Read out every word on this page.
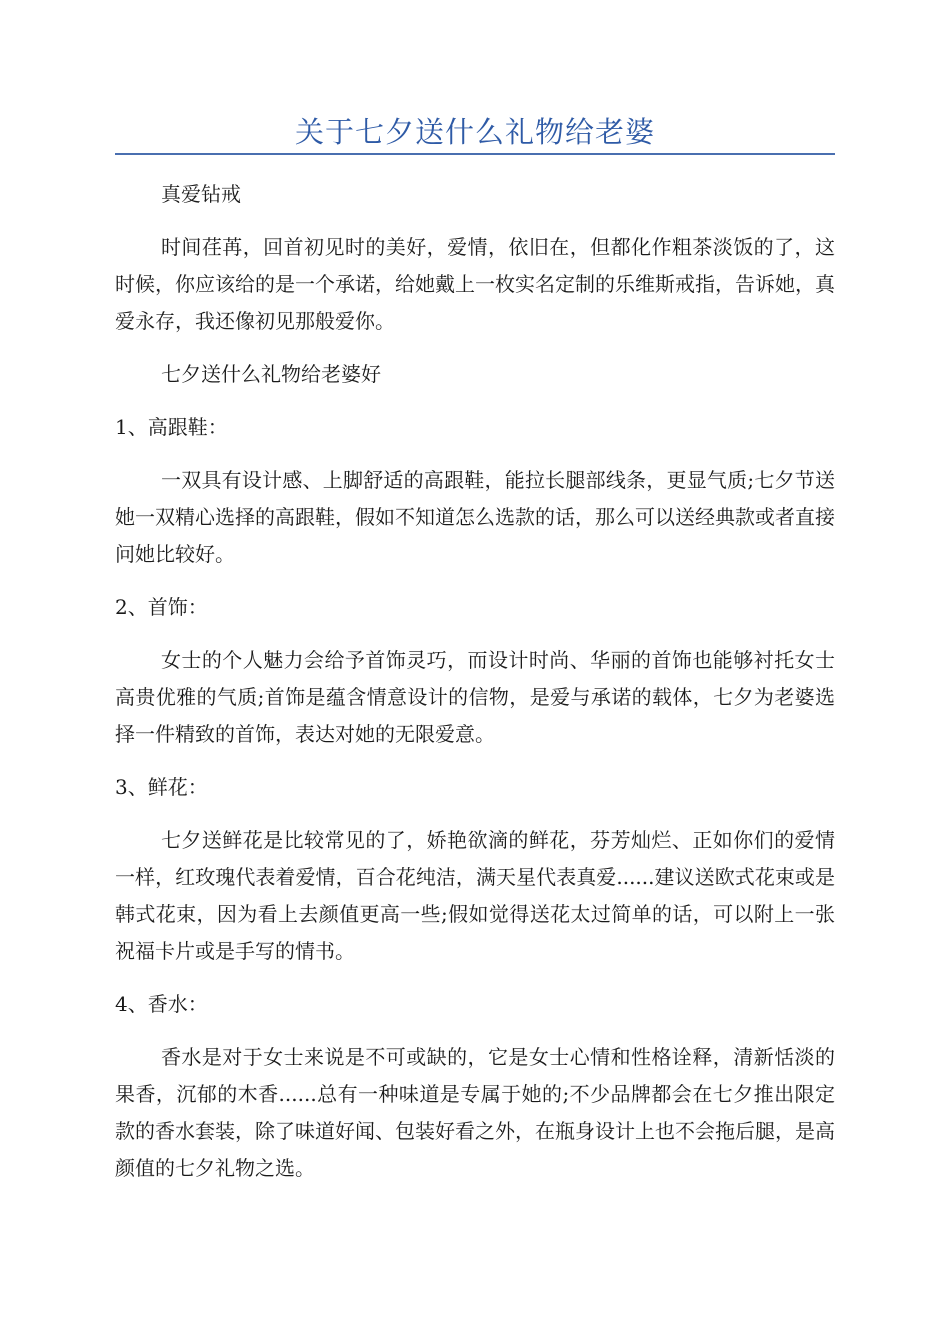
关于七夕送什么礼物给老婆

真爱钻戒

时间荏苒，回首初见时的美好，爱情，依旧在，但都化作粗茶淡饭的了，这时候，你应该给的是一个承诺，给她戴上一枚实名定制的乐维斯戒指，告诉她，真爱永存，我还像初见那般爱你。

七夕送什么礼物给老婆好

1、高跟鞋：

一双具有设计感、上脚舒适的高跟鞋，能拉长腿部线条，更显气质;七夕节送她一双精心选择的高跟鞋，假如不知道怎么选款的话，那么可以送经典款或者直接问她比较好。

2、首饰：

女士的个人魅力会给予首饰灵巧，而设计时尚、华丽的首饰也能够衬托女士高贵优雅的气质;首饰是蕴含情意设计的信物，是爱与承诺的载体，七夕为老婆选择一件精致的首饰，表达对她的无限爱意。

3、鲜花：

七夕送鲜花是比较常见的了，娇艳欲滴的鲜花，芬芳灿烂、正如你们的爱情一样，红玫瑰代表着爱情，百合花纯洁，满天星代表真爱......建议送欧式花束或是韩式花束，因为看上去颜值更高一些;假如觉得送花太过简单的话，可以附上一张祝福卡片或是手写的情书。

4、香水：

香水是对于女士来说是不可或缺的，它是女士心情和性格诠释，清新恬淡的果香，沉郁的木香......总有一种味道是专属于她的;不少品牌都会在七夕推出限定款的香水套装，除了味道好闻、包装好看之外，在瓶身设计上也不会拖后腿，是高颜值的七夕礼物之选。
